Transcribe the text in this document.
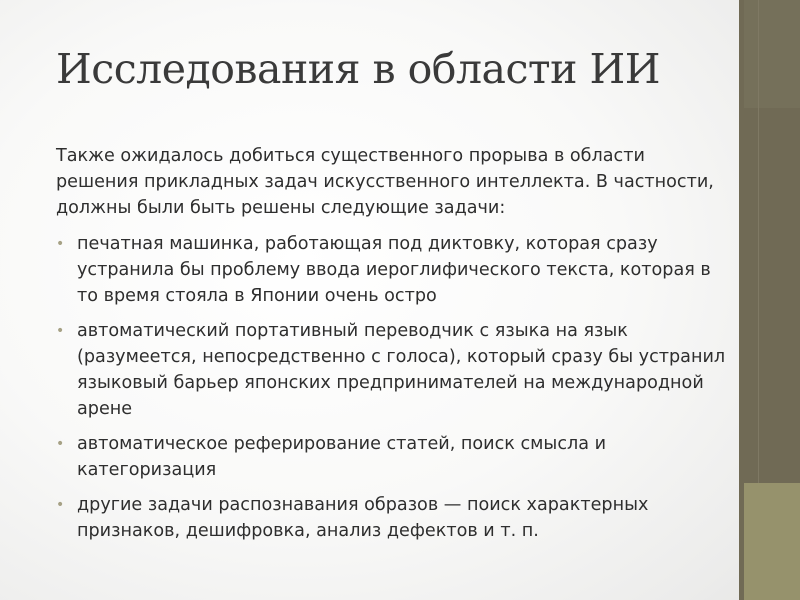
Исследования в области ИИ

Также ожидалось добиться существенного прорыва в области решения прикладных задач искусственного интеллекта. В частности, должны были быть решены следующие задачи:

• печатная машинка, работающая под диктовку, которая сразу устранила бы проблему ввода иероглифического текста, которая в то время стояла в Японии очень остро
• автоматический портативный переводчик с языка на язык (разумеется, непосредственно с голоса), который сразу бы устранил языковый барьер японских предпринимателей на международной арене
• автоматическое реферирование статей, поиск смысла и категоризация
• другие задачи распознавания образов — поиск характерных признаков, дешифровка, анализ дефектов и т. п.
